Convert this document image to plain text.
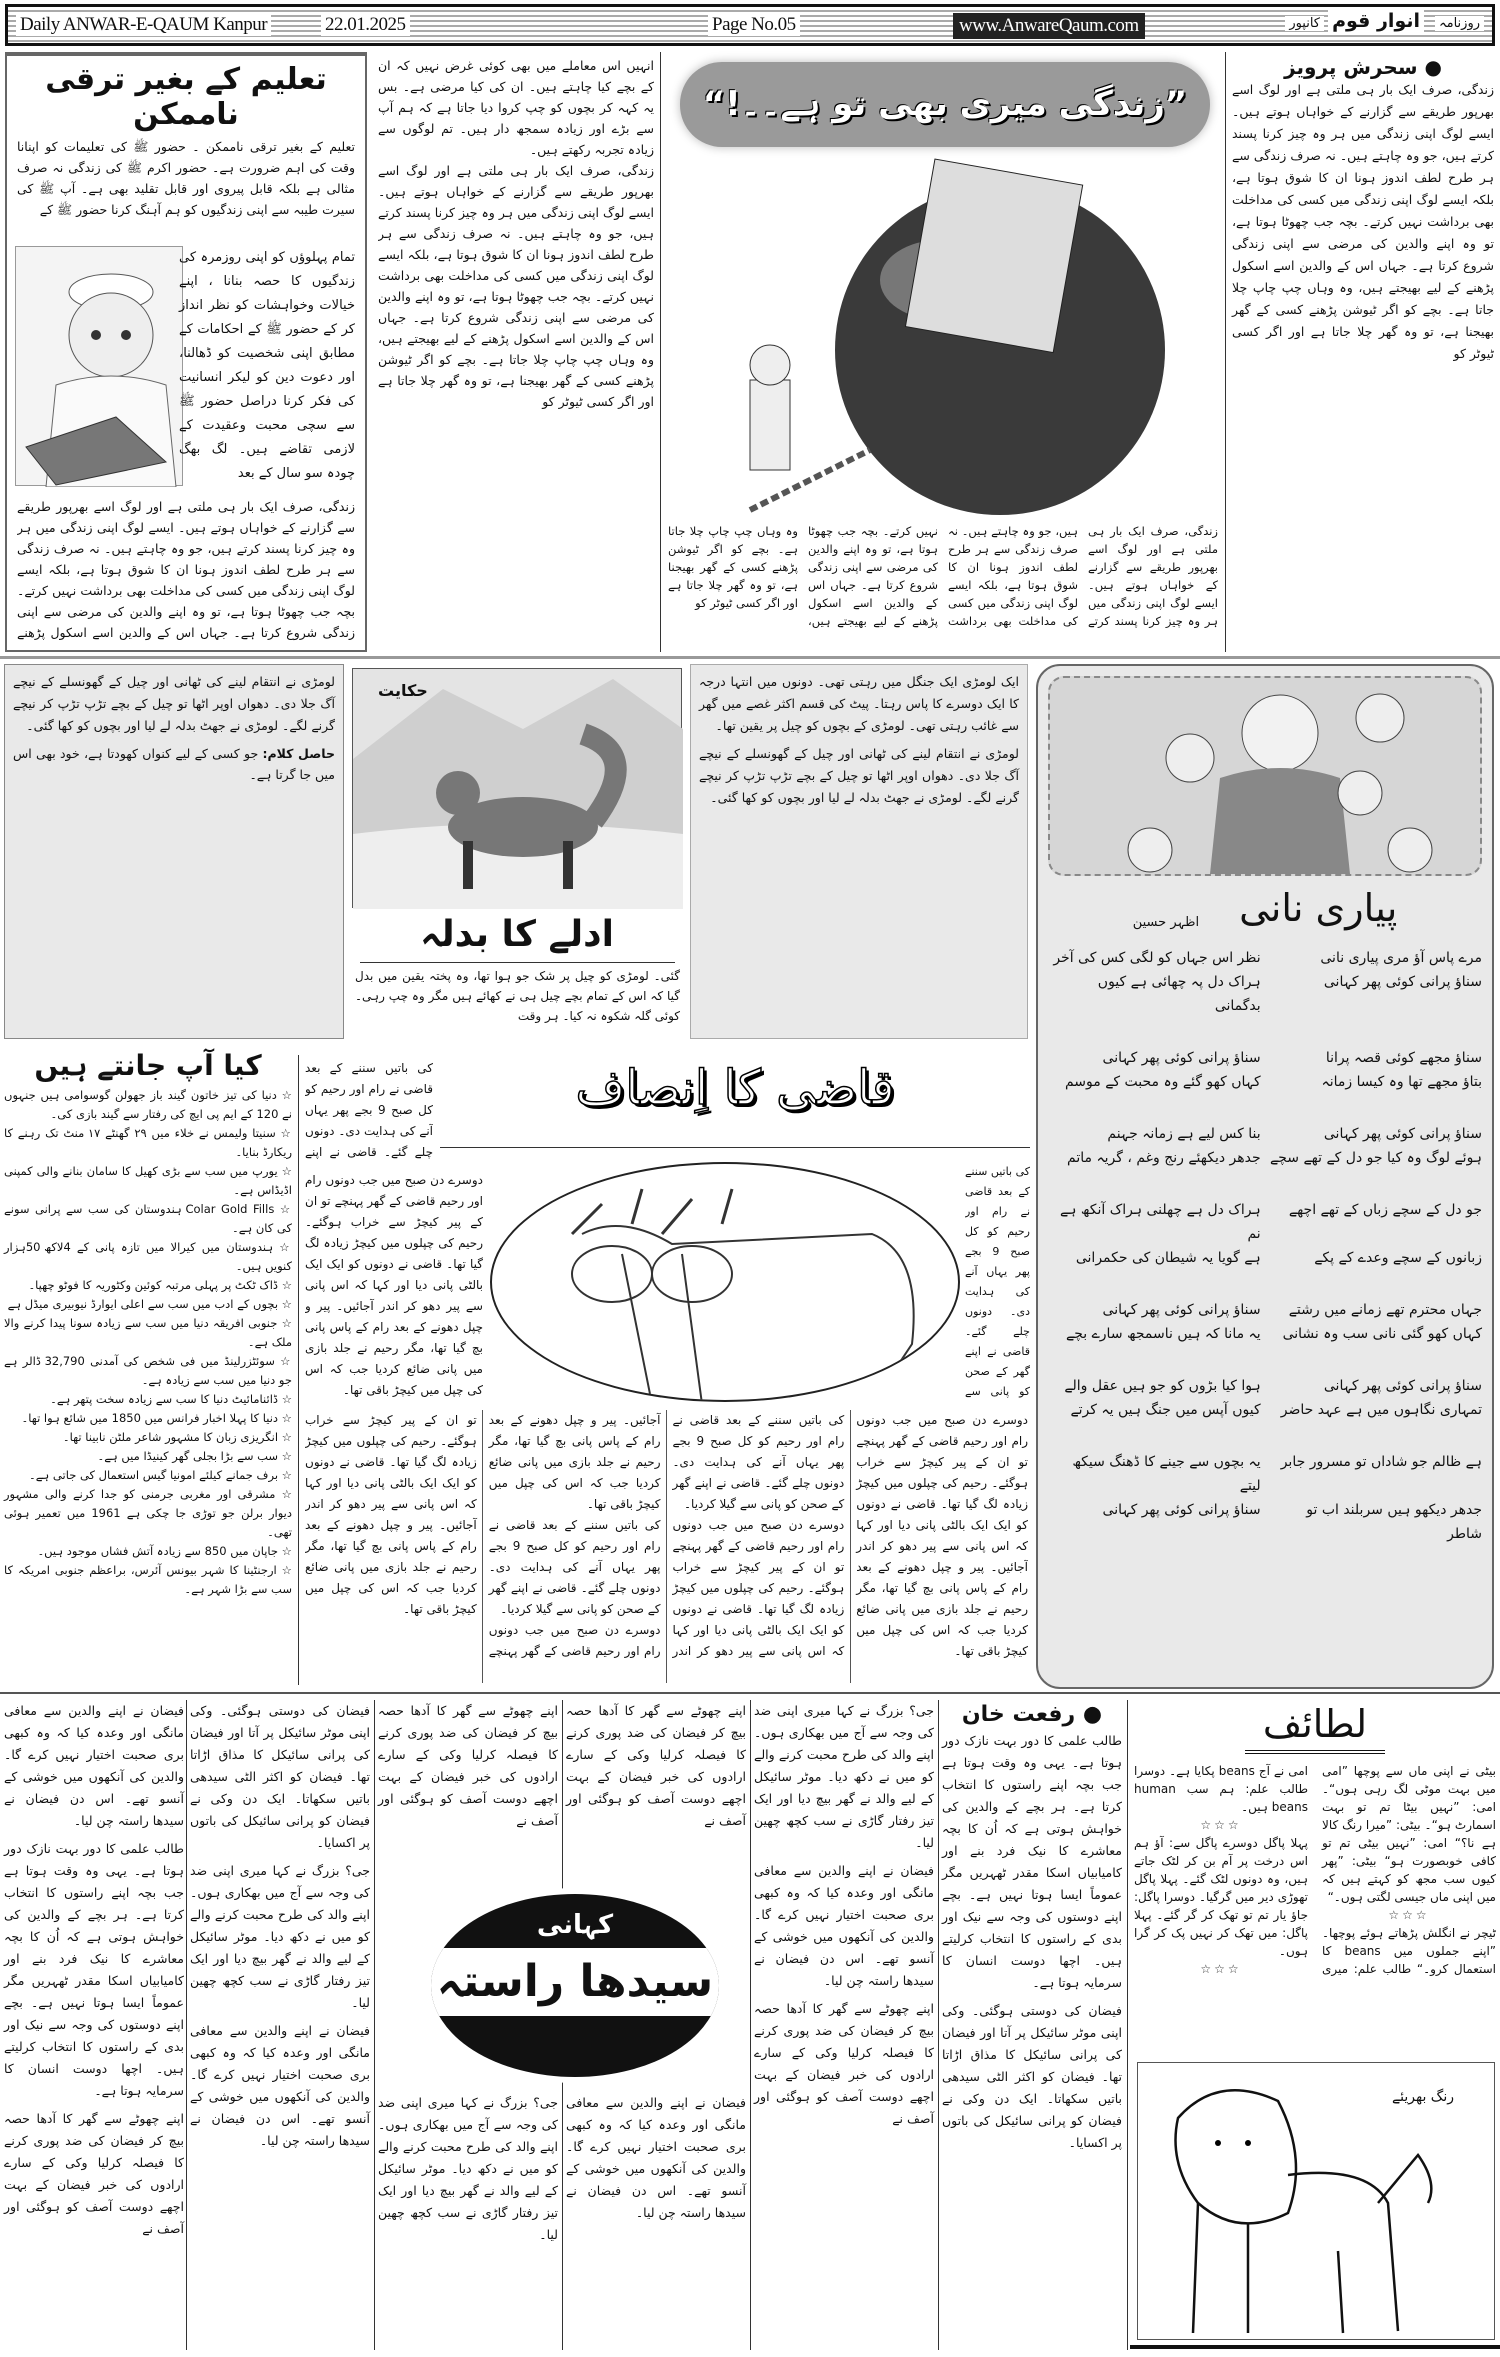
Daily ANWAR-E-QAUM Kanpur	22.01.2025	Page No.05	www.AnwareQaum.com	روزنامہ
انوار قوم
کانپور
تعلیم کے بغیر ترقی ناممکن
تعلیم کے بغیر ترقی ناممکن ۔ حضور ﷺ کی تعلیمات کو اپنانا وقت کی اہم ضرورت ہے۔ حضور اکرم ﷺ کی زندگی نہ صرف مثالی ہے بلکہ قابل پیروی اور قابل تقلید بھی ہے۔ آپ ﷺ کی سیرت طیبہ سے اپنی زندگیوں کو ہم آہنگ کرنا حضور ﷺ کے
تمام پہلوؤں کو اپنی روزمرہ کی زندگیوں کا حصہ بنانا ، اپنے خیالات وخواہشات کو نظر انداز کر کے حضور ﷺ کے احکامات کے مطابق اپنی شخصیت کو ڈھالنا، اور دعوت دین کو لیکر انسانیت کی فکر کرنا دراصل حضور ﷺ سے سچی محبت وعقیدت کے لازمی تقاضے ہیں۔ لگ بھگ چودہ سو سال کے بعد
زندگی، صرف ایک بار ہی ملتی ہے اور لوگ اسے بھرپور طریقے سے گزارنے کے خواہاں ہوتے ہیں۔ ایسے لوگ اپنی زندگی میں ہر وہ چیز کرنا پسند کرتے ہیں، جو وہ چاہتے ہیں۔ نہ صرف زندگی سے ہر طرح لطف اندوز ہونا ان کا شوق ہوتا ہے، بلکہ ایسے لوگ اپنی زندگی میں کسی کی مداخلت بھی برداشت نہیں کرتے۔ بچہ جب چھوٹا ہوتا ہے، تو وہ اپنے والدین کی مرضی سے اپنی زندگی شروع کرتا ہے۔ جہاں اس کے والدین اسے اسکول پڑھنے

انہیں اس معاملے میں بھی کوئی غرض نہیں کہ ان کے بچے کیا چاہتے ہیں۔ ان کی کیا مرضی ہے۔ بس یہ کہہ کر بچوں کو چپ کروا دیا جاتا ہے کہ ہم آپ سے بڑے اور زیادہ سمجھ دار ہیں۔ تم لوگوں سے زیادہ تجربہ رکھتے ہیں۔

زندگی، صرف ایک بار ہی ملتی ہے اور لوگ اسے بھرپور طریقے سے گزارنے کے خواہاں ہوتے ہیں۔ ایسے لوگ اپنی زندگی میں ہر وہ چیز کرنا پسند کرتے ہیں، جو وہ چاہتے ہیں۔ نہ صرف زندگی سے ہر طرح لطف اندوز ہونا ان کا شوق ہوتا ہے، بلکہ ایسے لوگ اپنی زندگی میں کسی کی مداخلت بھی برداشت نہیں کرتے۔ بچہ جب چھوٹا ہوتا ہے، تو وہ اپنے والدین کی مرضی سے اپنی زندگی شروع کرتا ہے۔ جہاں اس کے والدین اسے اسکول پڑھنے کے لیے بھیجتے ہیں، وہ وہاں چپ چاپ چلا جاتا ہے۔ بچے کو اگر ٹیوشن پڑھنے کسی کے گھر بھیجنا ہے، تو وہ گھر چلا جاتا ہے اور اگر کسی ٹیوٹر کو

”زندگی میری بھی تو ہے۔۔!“
زندگی، صرف ایک بار ہی ملتی ہے اور لوگ اسے بھرپور طریقے سے گزارنے کے خواہاں ہوتے ہیں۔ ایسے لوگ اپنی زندگی میں ہر وہ چیز کرنا پسند کرتے ہیں، جو وہ چاہتے ہیں۔ نہ صرف زندگی سے ہر طرح لطف اندوز ہونا ان کا شوق ہوتا ہے، بلکہ ایسے لوگ اپنی زندگی میں کسی کی مداخلت بھی برداشت نہیں کرتے۔ بچہ جب چھوٹا ہوتا ہے، تو وہ اپنے والدین کی مرضی سے اپنی زندگی شروع کرتا ہے۔ جہاں اس کے والدین اسے اسکول پڑھنے کے لیے بھیجتے ہیں، وہ وہاں چپ چاپ چلا جاتا ہے۔ بچے کو اگر ٹیوشن پڑھنے کسی کے گھر بھیجنا ہے، تو وہ گھر چلا جاتا ہے اور اگر کسی ٹیوٹر کو
● سحرش پرویز
زندگی، صرف ایک بار ہی ملتی ہے اور لوگ اسے بھرپور طریقے سے گزارنے کے خواہاں ہوتے ہیں۔ ایسے لوگ اپنی زندگی میں ہر وہ چیز کرنا پسند کرتے ہیں، جو وہ چاہتے ہیں۔ نہ صرف زندگی سے ہر طرح لطف اندوز ہونا ان کا شوق ہوتا ہے، بلکہ ایسے لوگ اپنی زندگی میں کسی کی مداخلت بھی برداشت نہیں کرتے۔ بچہ جب چھوٹا ہوتا ہے، تو وہ اپنے والدین کی مرضی سے اپنی زندگی شروع کرتا ہے۔ جہاں اس کے والدین اسے اسکول پڑھنے کے لیے بھیجتے ہیں، وہ وہاں چپ چاپ چلا جاتا ہے۔ بچے کو اگر ٹیوشن پڑھنے کسی کے گھر بھیجنا ہے، تو وہ گھر چلا جاتا ہے اور اگر کسی ٹیوٹر کو
لومڑی نے انتقام لینے کی ٹھانی اور چیل کے گھونسلے کے نیچے آگ جلا دی۔ دھواں اوپر اٹھا تو چیل کے بچے تڑپ تڑپ کر نیچے گرنے لگے۔ لومڑی نے جھٹ بدلہ لے لیا اور بچوں کو کھا گئی۔
حاصل کلام: جو کسی کے لیے کنواں کھودتا ہے، خود بھی اس میں جا گرتا ہے۔
حکایت
ادلے کا بدلہ
گئی۔ لومڑی کو چیل پر شک جو ہوا تھا، وہ پختہ یقین میں بدل گیا کہ اس کے تمام بچے چیل ہی نے کھائے ہیں مگر وہ چپ رہی۔ کوئی گلہ شکوہ نہ کیا۔ ہر وقت
ایک لومڑی ایک جنگل میں رہتی تھی۔ دونوں میں انتہا درجہ کا ایک دوسرے کا پاس رہتا۔ پیٹ کی قسم اکثر غصے میں گھر سے غائب رہتی تھی۔ لومڑی کے بچوں کو چیل پر یقین تھا۔
لومڑی نے انتقام لینے کی ٹھانی اور چیل کے گھونسلے کے نیچے آگ جلا دی۔ دھواں اوپر اٹھا تو چیل کے بچے تڑپ تڑپ کر نیچے گرنے لگے۔ لومڑی نے جھٹ بدلہ لے لیا اور بچوں کو کھا گئی۔
پیاری نانی
اظہر حسین
مرے پاس آؤ مری پیاری نانی
نظر اس جہاں کو لگی کس کی آخر
سناؤ پرانی کوئی پھر کہانی
ہراک دل پہ چھائی ہے کیوں بدگمانی
سناؤ مجھے کوئی قصہ پرانا
سناؤ پرانی کوئی پھر کہانی
بتاؤ مجھے تھا وہ کیسا زمانہ
کہاں کھو گئے وہ محبت کے موسم
سناؤ پرانی کوئی پھر کہانی
بنا کس لیے ہے زمانہ جہنم
ہوئے لوگ وہ کیا جو دل کے تھے سچے
جدھر دیکھئے رنج وغم ، گریہ ماتم
جو دل کے سچے زباں کے تھے اچھے
ہراک دل ہے چھلنی ہراک آنکھ ہے نم
زبانوں کے سچے وعدے کے پکے
ہے گویا یہ شیطان کی حکمرانی
جہاں محترم تھے زمانے میں رشتے
سناؤ پرانی کوئی پھر کہانی
کہاں کھو گئی نانی سب وہ نشانی
یہ مانا کہ ہیں ناسمجھ سارے بچے
سناؤ پرانی کوئی پھر کہانی
ہوا کیا بڑوں کو جو ہیں عقل والے
تمہاری نگاہوں میں ہے عہد حاضر
کیوں آپس میں جنگ ہیں یہ کرتے
ہے ظالم جو شاداں تو مسرور جابر
یہ بچوں سے جینے کا ڈھنگ سیکھ لیتے
جدھر دیکھو ہیں سربلند اب تو شاطر
سناؤ پرانی کوئی پھر کہانی
کیا آپ جانتے ہیں
☆ دنیا کی تیز خاتون گیند باز جھولن گوسوامی ہیں جنہوں نے 120 کے ایم پی ایچ کی رفتار سے گیند بازی کی۔
☆ سنیتا ولیمس نے خلاء میں ۲۹ گھنٹے ۱۷ منٹ تک رہنے کا ریکارڈ بنایا۔
☆ یورپ میں سب سے بڑی کھیل کا سامان بنانے والی کمپنی اڈیڈاس ہے۔
☆ Colar Gold Fills ہندوستان کی سب سے پرانی سونے کی کان ہے۔
☆ ہندوستان میں کیرالا میں تازہ پانی کے 4لاکھ 50ہزار کنویں ہیں۔
☆ ڈاک ٹکٹ پر پہلی مرتبہ کوئین وکٹوریہ کا فوٹو چھپا۔
☆ بچوں کے ادب میں سب سے اعلی ایوارڈ نیوبیری میڈل ہے
☆ جنوبی افریقہ دنیا میں سب سے زیادہ سونا پیدا کرنے والا ملک ہے۔
☆ سوئٹزرلینڈ میں فی شخص کی آمدنی 32,790 ڈالر ہے جو دنیا میں سب سے زیادہ ہے۔
☆ ڈائنامائیٹ دنیا کا سب سے زیادہ سخت پتھر ہے۔
☆ دنیا کا پہلا اخبار فرانس میں 1850 میں شائع ہوا تھا۔
☆ انگریزی زبان کا مشہور شاعر ملٹن نابینا تھا۔
☆ سب سے بڑا بجلی گھر کینیڈا میں ہے۔
☆ برف جمانے کیلئے امونیا گیس استعمال کی جاتی ہے۔
☆ مشرقی اور مغربی جرمنی کو جدا کرنے والی مشہور دیوار برلن جو توڑی جا چکی ہے 1961 میں تعمیر ہوئی تھی۔
☆ جاپان میں 850 سے زیادہ آتش فشاں موجود ہیں۔
☆ ارجنٹینا کا شہر بیونس آئرس، براعظم جنوبی امریکہ کا سب سے بڑا شہر ہے۔
قاضی کا اِنصاف
کی باتیں سننے کے بعد قاضی نے رام اور رحیم کو کل صبح 9 بجے پھر یہاں آنے کی ہدایت دی۔ دونوں چلے گئے۔ قاضی نے اپنے
دوسرے دن صبح میں جب دونوں رام اور رحیم قاضی کے گھر پہنچے تو ان کے پیر کیچڑ سے خراب ہوگئے۔ رحیم کی چپلوں میں کیچڑ زیادہ لگ گیا تھا۔ قاضی نے دونوں کو ایک ایک بالٹی پانی دیا اور کہا کہ اس پانی سے پیر دھو کر اندر آجائیں۔ پیر و چپل دھونے کے بعد رام کے پاس پانی بچ گیا تھا، مگر رحیم نے جلد بازی میں پانی ضائع کردیا جب کہ اس کی چپل میں کیچڑ باقی تھا۔

دوسرے دن صبح میں جب دونوں رام اور رحیم قاضی کے گھر پہنچے تو ان کے پیر کیچڑ سے خراب ہوگئے۔ رحیم کی چپلوں میں کیچڑ زیادہ لگ گیا تھا۔ قاضی نے دونوں کو ایک ایک بالٹی پانی دیا اور کہا کہ اس پانی سے پیر دھو کر اندر آجائیں۔ پیر و چپل دھونے کے بعد رام کے پاس پانی بچ گیا تھا، مگر رحیم نے جلد بازی میں پانی ضائع کردیا جب کہ اس کی چپل میں کیچڑ باقی تھا۔

کی باتیں سننے کے بعد قاضی نے رام اور رحیم کو کل صبح 9 بجے پھر یہاں آنے کی ہدایت دی۔ دونوں چلے گئے۔ قاضی نے اپنے گھر کے صحن کو پانی سے گیلا کردیا۔

دوسرے دن صبح میں جب دونوں رام اور رحیم قاضی کے گھر پہنچے تو ان کے پیر کیچڑ سے خراب ہوگئے۔ رحیم کی چپلوں میں کیچڑ زیادہ لگ گیا تھا۔ قاضی نے دونوں کو ایک ایک بالٹی پانی دیا اور کہا کہ اس پانی سے پیر دھو کر اندر آجائیں۔ پیر و چپل دھونے کے بعد رام کے پاس پانی بچ گیا تھا، مگر رحیم نے جلد بازی میں پانی ضائع کردیا جب کہ اس کی چپل میں کیچڑ باقی تھا۔

کی باتیں سننے کے بعد قاضی نے رام اور رحیم کو کل صبح 9 بجے پھر یہاں آنے کی ہدایت دی۔ دونوں چلے گئے۔ قاضی نے اپنے گھر کے صحن کو پانی سے گیلا کردیا۔

دوسرے دن صبح میں جب دونوں رام اور رحیم قاضی کے گھر پہنچے تو ان کے پیر کیچڑ سے خراب ہوگئے۔ رحیم کی چپلوں میں کیچڑ زیادہ لگ گیا تھا۔ قاضی نے دونوں کو ایک ایک بالٹی پانی دیا اور کہا کہ اس پانی سے پیر دھو کر اندر آجائیں۔ پیر و چپل دھونے کے بعد رام کے پاس پانی بچ گیا تھا، مگر رحیم نے جلد بازی میں پانی ضائع کردیا جب کہ اس کی چپل میں کیچڑ باقی تھا۔

کی باتیں سننے کے بعد قاضی نے رام اور رحیم کو کل صبح 9 بجے پھر یہاں آنے کی ہدایت دی۔ دونوں چلے گئے۔ قاضی نے اپنے گھر کے صحن کو پانی سے
● رفعت خان

طالب علمی کا دور بہت نازک دور ہوتا ہے۔ یہی وہ وقت ہوتا ہے جب بچہ اپنے راستوں کا انتخاب کرتا ہے۔ ہر بچے کے والدین کی خواہش ہوتی ہے کہ اُن کا بچہ معاشرے کا نیک فرد بنے اور کامیابیاں اسکا مقدر ٹھہریں مگر عموماً ایسا ہوتا نہیں ہے۔ بچے اپنے دوستوں کی وجہ سے نیک اور بدی کے راستوں کا انتخاب کرلیتے ہیں۔ اچھا دوست انسان کا سرمایہ ہوتا ہے۔

فیضان کی دوستی ہوگئی۔ وکی اپنی موٹر سائیکل پر آتا اور فیضان کی پرانی سائیکل کا مذاق اڑاتا تھا۔ فیضان کو اکثر الٹی سیدھی باتیں سکھاتا۔ ایک دن وکی نے فیضان کو پرانی سائیکل کی باتوں پر اکسایا۔

جی؟ بزرگ نے کہا میری اپنی ضد کی وجہ سے آج میں بھکاری ہوں۔ اپنے والد کی طرح محبت کرنے والے کو میں نے دکھ دیا۔ موٹر سائیکل کے لیے والد نے گھر بیچ دیا اور ایک تیز رفتار گاڑی نے سب کچھ چھین لیا۔

فیضان نے اپنے والدین سے معافی مانگی اور وعدہ کیا کہ وہ کبھی بری صحبت اختیار نہیں کرے گا۔ والدین کی آنکھوں میں خوشی کے آنسو تھے۔ اس دن فیضان نے سیدھا راستہ چن لیا۔

اپنے چھوٹے سے گھر کا آدھا حصہ بیچ کر فیضان کی ضد پوری کرنے کا فیصلہ کرلیا وکی کے سارے ارادوں کی خبر فیضان کے بہت اچھے دوست آصف کو ہوگئی اور آصف نے

اپنے چھوٹے سے گھر کا آدھا حصہ بیچ کر فیضان کی ضد پوری کرنے کا فیصلہ کرلیا وکی کے سارے ارادوں کی خبر فیضان کے بہت اچھے دوست آصف کو ہوگئی اور آصف نے

فیضان نے اپنے والدین سے معافی مانگی اور وعدہ کیا کہ وہ کبھی بری صحبت اختیار نہیں کرے گا۔ والدین کی آنکھوں میں خوشی کے آنسو تھے۔ اس دن فیضان نے سیدھا راستہ چن لیا۔

اپنے چھوٹے سے گھر کا آدھا حصہ بیچ کر فیضان کی ضد پوری کرنے کا فیصلہ کرلیا وکی کے سارے ارادوں کی خبر فیضان کے بہت اچھے دوست آصف کو ہوگئی اور آصف نے

جی؟ بزرگ نے کہا میری اپنی ضد کی وجہ سے آج میں بھکاری ہوں۔ اپنے والد کی طرح محبت کرنے والے کو میں نے دکھ دیا۔ موٹر سائیکل کے لیے والد نے گھر بیچ دیا اور ایک تیز رفتار گاڑی نے سب کچھ چھین لیا۔

فیضان کی دوستی ہوگئی۔ وکی اپنی موٹر سائیکل پر آتا اور فیضان کی پرانی سائیکل کا مذاق اڑاتا تھا۔ فیضان کو اکثر الٹی سیدھی باتیں سکھاتا۔ ایک دن وکی نے فیضان کو پرانی سائیکل کی باتوں پر اکسایا۔

جی؟ بزرگ نے کہا میری اپنی ضد کی وجہ سے آج میں بھکاری ہوں۔ اپنے والد کی طرح محبت کرنے والے کو میں نے دکھ دیا۔ موٹر سائیکل کے لیے والد نے گھر بیچ دیا اور ایک تیز رفتار گاڑی نے سب کچھ چھین لیا۔

فیضان نے اپنے والدین سے معافی مانگی اور وعدہ کیا کہ وہ کبھی بری صحبت اختیار نہیں کرے گا۔ والدین کی آنکھوں میں خوشی کے آنسو تھے۔ اس دن فیضان نے سیدھا راستہ چن لیا۔

فیضان نے اپنے والدین سے معافی مانگی اور وعدہ کیا کہ وہ کبھی بری صحبت اختیار نہیں کرے گا۔ والدین کی آنکھوں میں خوشی کے آنسو تھے۔ اس دن فیضان نے سیدھا راستہ چن لیا۔

طالب علمی کا دور بہت نازک دور ہوتا ہے۔ یہی وہ وقت ہوتا ہے جب بچہ اپنے راستوں کا انتخاب کرتا ہے۔ ہر بچے کے والدین کی خواہش ہوتی ہے کہ اُن کا بچہ معاشرے کا نیک فرد بنے اور کامیابیاں اسکا مقدر ٹھہریں مگر عموماً ایسا ہوتا نہیں ہے۔ بچے اپنے دوستوں کی وجہ سے نیک اور بدی کے راستوں کا انتخاب کرلیتے ہیں۔ اچھا دوست انسان کا سرمایہ ہوتا ہے۔

اپنے چھوٹے سے گھر کا آدھا حصہ بیچ کر فیضان کی ضد پوری کرنے کا فیصلہ کرلیا وکی کے سارے ارادوں کی خبر فیضان کے بہت اچھے دوست آصف کو ہوگئی اور آصف نے

کہانی
سیدھا راستہ
لطائف

بیٹی نے اپنی ماں سے پوچھا ”امی میں بہت موٹی لگ رہی ہوں“۔ امی: ”نہیں بیٹا تم تو بہت اسمارٹ ہو“۔ بیٹی: ”میرا رنگ کالا ہے نا؟“ امی: ”نہیں بیٹی تم تو کافی خوبصورت ہو“ بیٹی: ”پھر کیوں سب مجھ کو کہتے ہیں کہ میں اپنی ماں جیسی لگتی ہوں۔“

☆☆☆

ٹیچر نے انگلش پڑھاتے ہوئے پوچھا۔ ”اپنے جملوں میں beans کا استعمال کرو۔“ طالب علم: میری امی نے آج beans پکایا ہے۔ دوسرا طالب علم: ہم سب human beans ہیں۔

☆☆☆

پہلا پاگل دوسرے پاگل سے: آؤ ہم اس درخت پر آم بن کر لٹک جاتے ہیں، وہ دونوں لٹک گئے۔ پہلا پاگل تھوڑی دیر میں گرگیا۔ دوسرا پاگل: جاؤ یار تم تو تھک کر گر گئے۔ پہلا پاگل: میں تھک کر نہیں پک کر گرا ہوں۔

☆☆☆
رنگ بھریئے
